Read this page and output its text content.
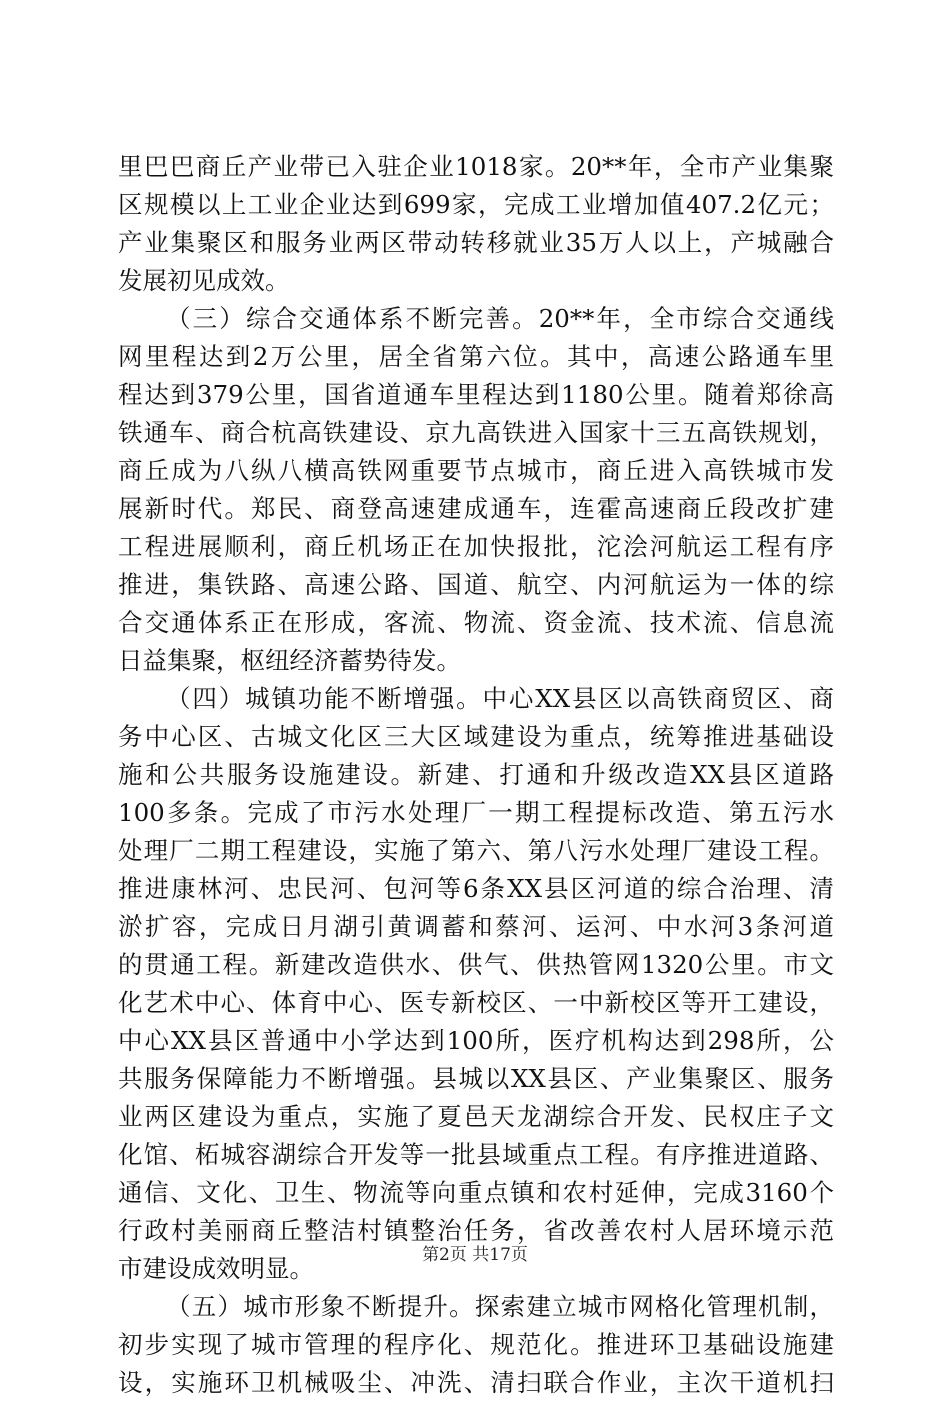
里巴巴商丘产业带已入驻企业1018家。20**年，全市产业集聚
区规模以上工业企业达到699家，完成工业增加值407.2亿元；
产业集聚区和服务业两区带动转移就业35万人以上，产城融合
发展初见成效。
（三）综合交通体系不断完善。20**年，全市综合交通线
网里程达到2万公里，居全省第六位。其中，高速公路通车里
程达到379公里，国省道通车里程达到1180公里。随着郑徐高
铁通车、商合杭高铁建设、京九高铁进入国家十三五高铁规划，
商丘成为八纵八横高铁网重要节点城市，商丘进入高铁城市发
展新时代。郑民、商登高速建成通车，连霍高速商丘段改扩建
工程进展顺利，商丘机场正在加快报批，沱浍河航运工程有序
推进，集铁路、高速公路、国道、航空、内河航运为一体的综
合交通体系正在形成，客流、物流、资金流、技术流、信息流
日益集聚，枢纽经济蓄势待发。
（四）城镇功能不断增强。中心XX县区以高铁商贸区、商
务中心区、古城文化区三大区域建设为重点，统筹推进基础设
施和公共服务设施建设。新建、打通和升级改造XX县区道路
100多条。完成了市污水处理厂一期工程提标改造、第五污水
处理厂二期工程建设，实施了第六、第八污水处理厂建设工程。
推进康林河、忠民河、包河等6条XX县区河道的综合治理、清
淤扩容，完成日月湖引黄调蓄和蔡河、运河、中水河3条河道
的贯通工程。新建改造供水、供气、供热管网1320公里。市文
化艺术中心、体育中心、医专新校区、一中新校区等开工建设，
中心XX县区普通中小学达到100所，医疗机构达到298所，公
共服务保障能力不断增强。县城以XX县区、产业集聚区、服务
业两区建设为重点，实施了夏邑天龙湖综合开发、民权庄子文
化馆、柘城容湖综合开发等一批县域重点工程。有序推进道路、
通信、文化、卫生、物流等向重点镇和农村延伸，完成3160个
行政村美丽商丘整洁村镇整治任务，省改善农村人居环境示范
市建设成效明显。
（五）城市形象不断提升。探索建立城市网格化管理机制，
初步实现了城市管理的程序化、规范化。推进环卫基础设施建
设，实施环卫机械吸尘、冲洗、清扫联合作业，主次干道机扫
第2页 共17页
